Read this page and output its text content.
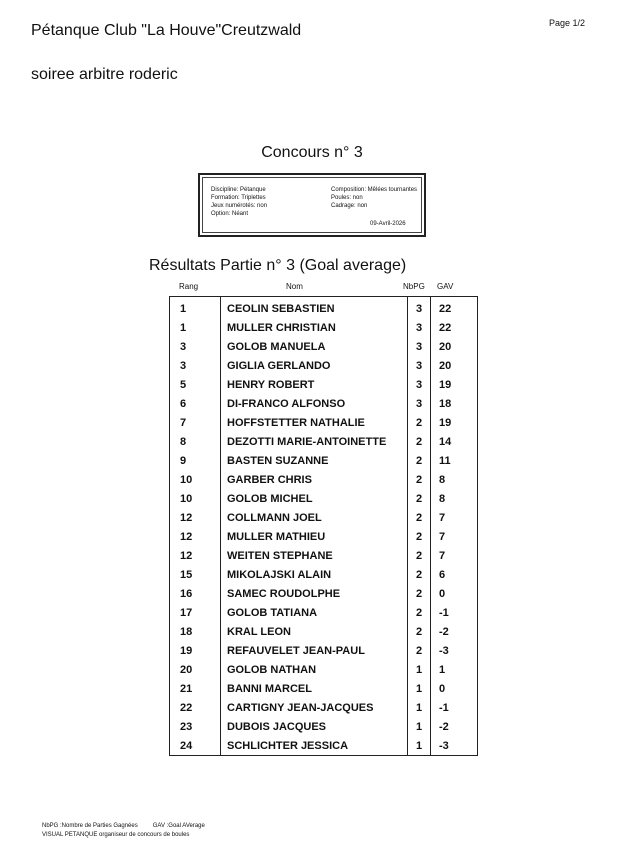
Pétanque Club "La Houve"Creutzwald	Page 1/2
soiree arbitre roderic
Concours n° 3
Discipline: Pétanque
Formation: Triplettes
Jeux numérotés: non
Option: Néant
Composition: Mêlées tournantes
Poules: non
Cadrage: non
09-Avril-2026
Résultats Partie n° 3 (Goal average)
Rang	Nom	NbPG GAV
1	CEOLIN SEBASTIEN	3	22
1	MULLER CHRISTIAN	3	22
3	GOLOB MANUELA	3	20
3	GIGLIA GERLANDO	3	20
5	HENRY ROBERT	3	19
6	DI-FRANCO ALFONSO	3	18
7	HOFFSTETTER NATHALIE	2	19
8	DEZOTTI MARIE-ANTOINETTE	2	14
9	BASTEN SUZANNE	2	11
10	GARBER CHRIS	2	8
10	GOLOB MICHEL	2	8
12	COLLMANN JOEL	2	7
12	MULLER MATHIEU	2	7
12	WEITEN STEPHANE	2	7
15	MIKOLAJSKI ALAIN	2	6
16	SAMEC ROUDOLPHE	2	0
17	GOLOB TATIANA	2	-1
18	KRAL LEON	2	-2
19	REFAUVELET JEAN-PAUL	2	-3
20	GOLOB NATHAN	1	1
21	BANNI MARCEL	1	0
22	CARTIGNY JEAN-JACQUES	1	-1
23	DUBOIS JACQUES	1	-2
24	SCHLICHTER JESSICA	1	-3
NbPG :Nombre de Parties Gagnées         GAV :Goal AVerage
VISUAL PETANQUE organiseur de concours de boules
